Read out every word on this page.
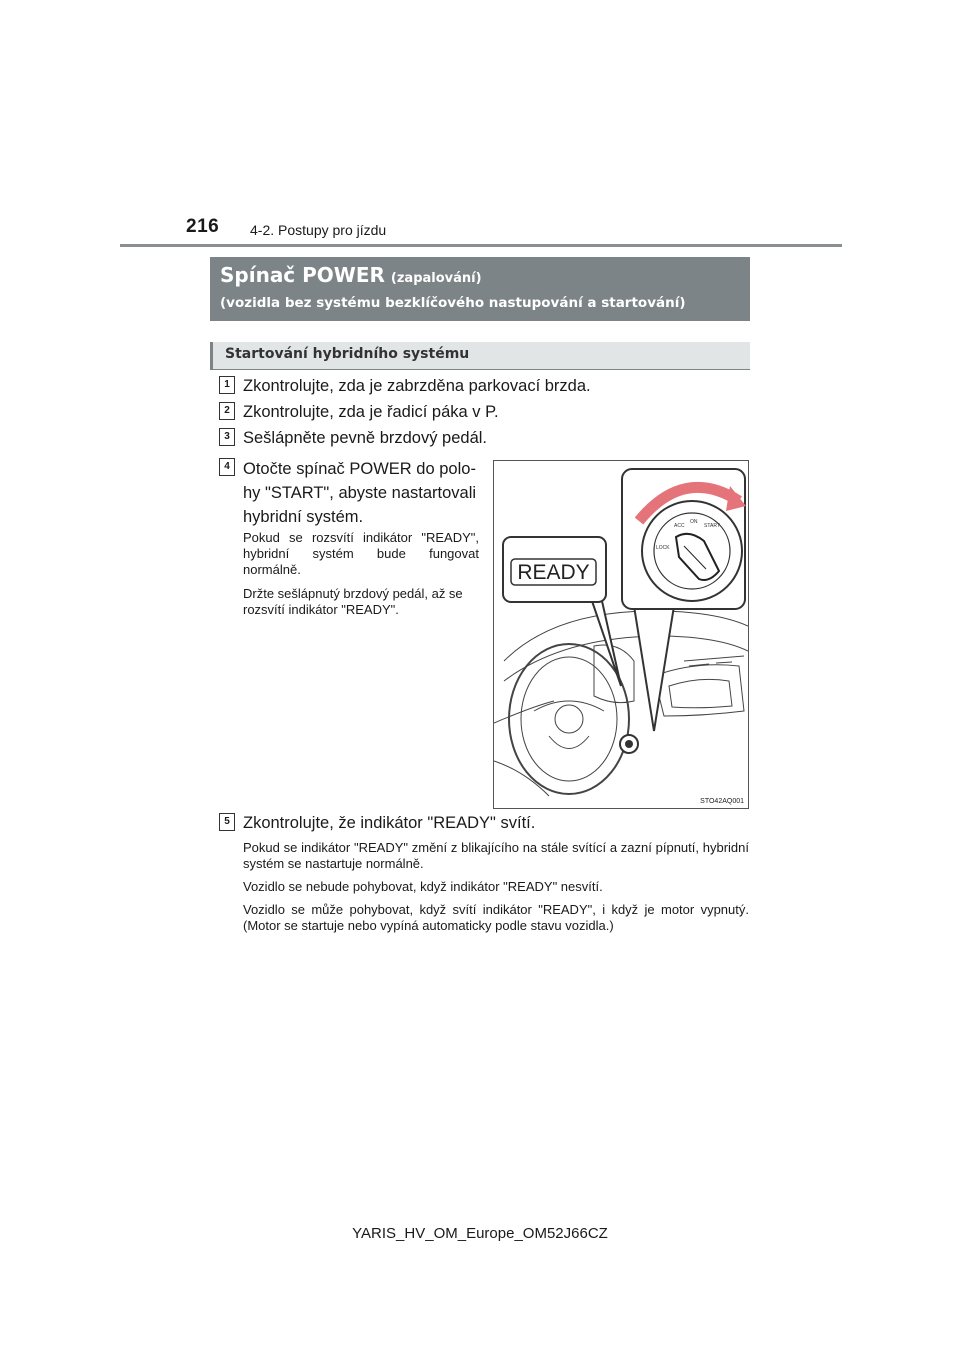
216 4-2. Postupy pro jízdu
Spínač POWER (zapalování)
(vozidla bez systému bezklíčového nastupování a startování)
Startování hybridního systému
1 Zkontrolujte, zda je zabrzděna parkovací brzda.
2 Zkontrolujte, zda je řadicí páka v P.
3 Sešlápněte pevně brzdový pedál.
4 Otočte spínač POWER do polo-
hy "START", abyste nastartovali
hybridní systém.
Pokud se rozsvítí indikátor "READY", hybridní systém bude fungovat normálně.
Držte sešlápnutý brzdový pedál, až se rozsvítí indikátor "READY".
READY
LOCK
ACC
ON
START
STO42AQ001
5 Zkontrolujte, že indikátor "READY" svítí.
Pokud se indikátor "READY" změní z blikajícího na stále svítící a zazní pípnutí, hybridní systém se nastartuje normálně.
Vozidlo se nebude pohybovat, když indikátor "READY" nesvítí.
Vozidlo se může pohybovat, když svítí indikátor "READY", i když je motor vypnutý. (Motor se startuje nebo vypíná automaticky podle stavu vozidla.)
YARIS_HV_OM_Europe_OM52J66CZ
